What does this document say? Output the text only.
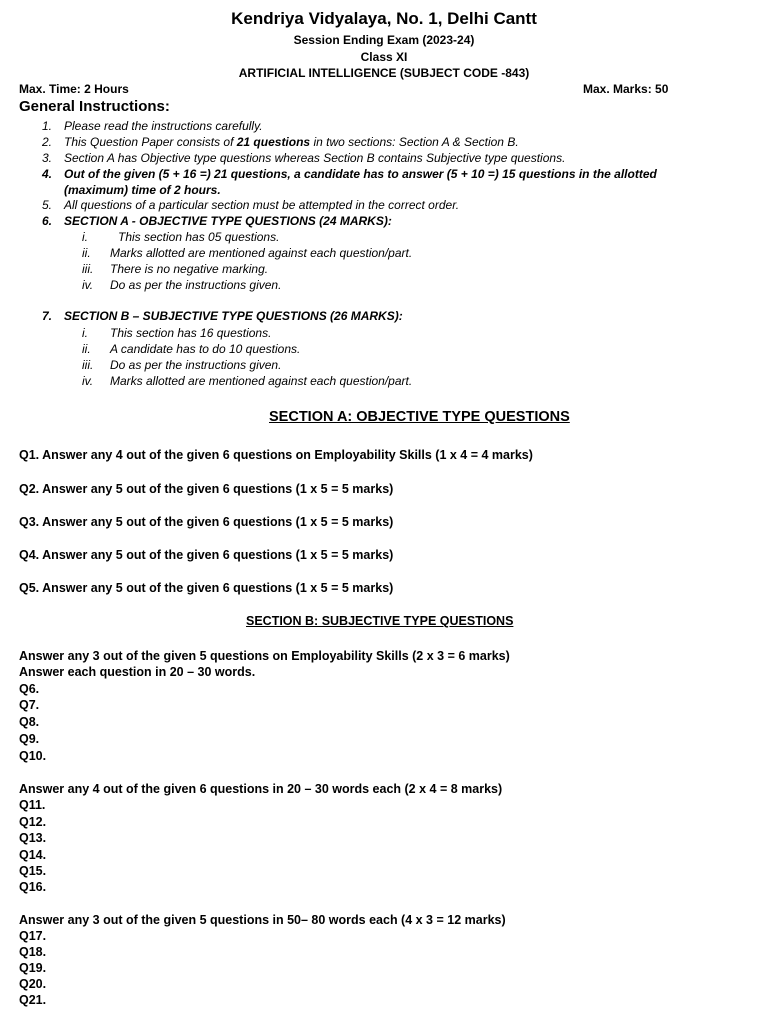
Kendriya Vidyalaya, No. 1, Delhi Cantt
Session Ending Exam (2023-24)
Class XI
ARTIFICIAL INTELLIGENCE (SUBJECT CODE -843)
Max. Time: 2 Hours	Max. Marks: 50
General Instructions:
1. Please read the instructions carefully.
2. This Question Paper consists of 21 questions in two sections: Section A & Section B.
3. Section A has Objective type questions whereas Section B contains Subjective type questions.
4. Out of the given (5 + 16 =) 21 questions, a candidate has to answer (5 + 10 =) 15 questions in the allotted
(maximum) time of 2 hours.
5. All questions of a particular section must be attempted in the correct order.
6. SECTION A - OBJECTIVE TYPE QUESTIONS (24 MARKS):
i.	This section has 05 questions.
ii. Marks allotted are mentioned against each question/part.
iii. There is no negative marking.
iv. Do as per the instructions given.
7. SECTION B – SUBJECTIVE TYPE QUESTIONS (26 MARKS):
i. This section has 16 questions.
ii. A candidate has to do 10 questions.
iii. Do as per the instructions given.
iv. Marks allotted are mentioned against each question/part.
SECTION A: OBJECTIVE TYPE QUESTIONS
Q1. Answer any 4 out of the given 6 questions on Employability Skills (1 x 4 = 4 marks)
Q2. Answer any 5 out of the given 6 questions (1 x 5 = 5 marks)
Q3. Answer any 5 out of the given 6 questions (1 x 5 = 5 marks)
Q4. Answer any 5 out of the given 6 questions (1 x 5 = 5 marks)
Q5. Answer any 5 out of the given 6 questions (1 x 5 = 5 marks)
SECTION B: SUBJECTIVE TYPE QUESTIONS
Answer any 3 out of the given 5 questions on Employability Skills (2 x 3 = 6 marks)
Answer each question in 20 – 30 words.
Q6.
Q7.
Q8.
Q9.
Q10.
Answer any 4 out of the given 6 questions in 20 – 30 words each (2 x 4 = 8 marks)
Q11.
Q12.
Q13.
Q14.
Q15.
Q16.
Answer any 3 out of the given 5 questions in 50– 80 words each (4 x 3 = 12 marks)
Q17.
Q18.
Q19.
Q20.
Q21.
